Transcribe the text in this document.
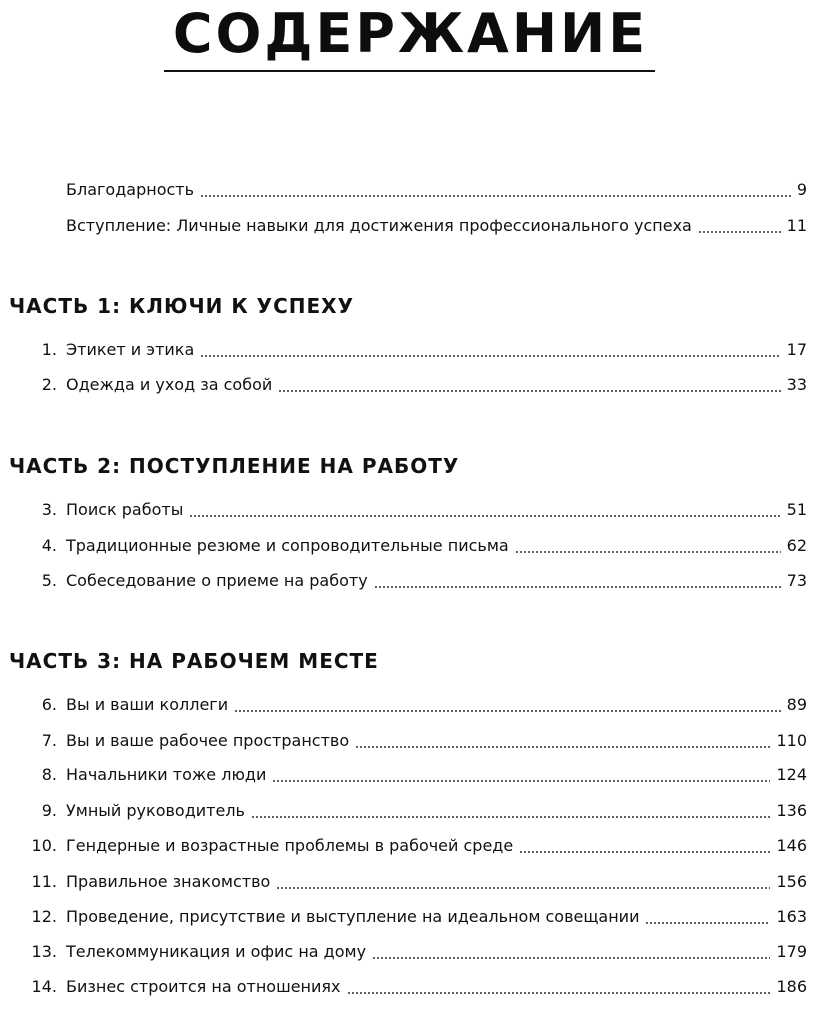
СОДЕРЖАНИЕ
Благодарность	9
Вступление: Личные навыки для достижения профессионального успеха	11
ЧАСТЬ 1: КЛЮЧИ К УСПЕХУ
1. Этикет и этика	17
2. Одежда и уход за собой	33
ЧАСТЬ 2: ПОСТУПЛЕНИЕ НА РАБОТУ
3. Поиск работы	51
4. Традиционные резюме и сопроводительные письма	62
5. Собеседование о приеме на работу	73
ЧАСТЬ 3: НА РАБОЧЕМ МЕСТЕ
6. Вы и ваши коллеги	89
7. Вы и ваше рабочее пространство	110
8. Начальники тоже люди	124
9. Умный руководитель	136
10. Гендерные и возрастные проблемы в рабочей среде	146
11. Правильное знакомство	156
12. Проведение, присутствие и выступление на идеальном совещании	163
13. Телекоммуникация и офис на дому	179
14. Бизнес строится на отношениях	186
